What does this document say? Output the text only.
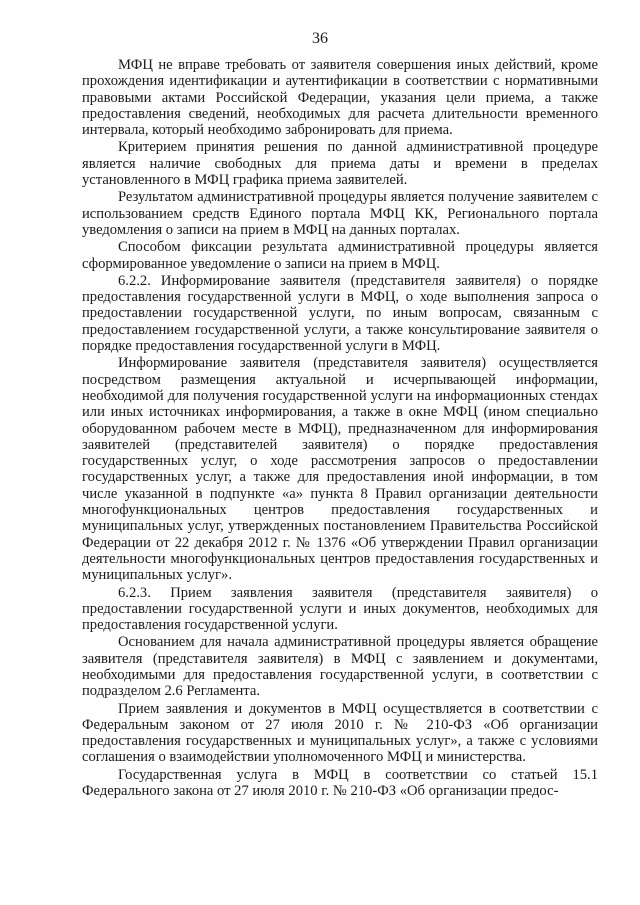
36

МФЦ не вправе требовать от заявителя совершения иных действий, кроме прохождения идентификации и аутентификации в соответствии с нормативными правовыми актами Российской Федерации, указания цели приема, а также предоставления сведений, необходимых для расчета длительности временного интервала, который необходимо забронировать для приема.

Критерием принятия решения по данной административной процедуре является наличие свободных для приема даты и времени в пределах установленного в МФЦ графика приема заявителей.

Результатом административной процедуры является получение заявителем с использованием средств Единого портала МФЦ КК, Регионального портала уведомления о записи на прием в МФЦ на данных порталах.

Способом фиксации результата административной процедуры является сформированное уведомление о записи на прием в МФЦ.

6.2.2. Информирование заявителя (представителя заявителя) о порядке предоставления государственной услуги в МФЦ, о ходе выполнения запроса о предоставлении государственной услуги, по иным вопросам, связанным с предоставлением государственной услуги, а также консультирование заявителя о порядке предоставления государственной услуги в МФЦ.

Информирование заявителя (представителя заявителя) осуществляется посредством размещения актуальной и исчерпывающей информации, необходимой для получения государственной услуги на информационных стендах или иных источниках информирования, а также в окне МФЦ (ином специально оборудованном рабочем месте в МФЦ), предназначенном для информирования заявителей (представителей заявителя) о порядке предоставления государственных услуг, о ходе рассмотрения запросов о предоставлении государственных услуг, а также для предоставления иной информации, в том числе указанной в подпункте «а» пункта 8 Правил организации деятельности многофункциональных центров предоставления государственных и муниципальных услуг, утвержденных постановлением Правительства Российской Федерации от 22 декабря 2012 г. № 1376 «Об утверждении Правил организации деятельности многофункциональных центров предоставления государственных и муниципальных услуг».

6.2.3. Прием заявления заявителя (представителя заявителя) о предоставлении государственной услуги и иных документов, необходимых для предоставления государственной услуги.

Основанием для начала административной процедуры является обращение заявителя (представителя заявителя) в МФЦ с заявлением и документами, необходимыми для предоставления государственной услуги, в соответствии с подразделом 2.6 Регламента.

Прием заявления и документов в МФЦ осуществляется в соответствии с Федеральным законом от 27 июля 2010 г. № 210-ФЗ «Об организации предоставления государственных и муниципальных услуг», а также с условиями соглашения о взаимодействии уполномоченного МФЦ и министерства.

Государственная услуга в МФЦ в соответствии со статьей 15.1 Федерального закона от 27 июля 2010 г. № 210-ФЗ «Об организации предос-
